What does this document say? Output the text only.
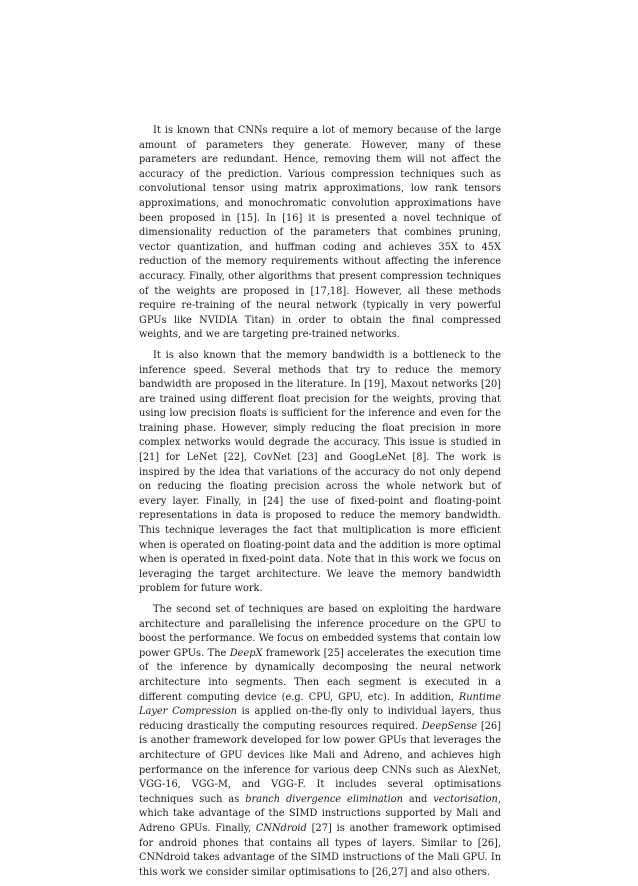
It is known that CNNs require a lot of memory because of the large amount of parameters they generate. However, many of these parameters are redundant. Hence, removing them will not affect the accuracy of the prediction. Various compression techniques such as convolutional tensor using matrix approximations, low rank tensors approximations, and monochromatic convolution approximations have been proposed in [15]. In [16] it is presented a novel technique of dimensionality reduction of the parameters that combines pruning, vector quantization, and huffman coding and achieves 35X to 45X reduction of the memory requirements without affecting the inference accuracy. Finally, other algorithms that present compression techniques of the weights are proposed in [17,18]. However, all these methods require re-training of the neural network (typically in very powerful GPUs like NVIDIA Titan) in order to obtain the final compressed weights, and we are targeting pre-trained networks.

It is also known that the memory bandwidth is a bottleneck to the inference speed. Several methods that try to reduce the memory bandwidth are proposed in the literature. In [19], Maxout networks [20] are trained using different float precision for the weights, proving that using low precision floats is sufficient for the inference and even for the training phase. However, simply reducing the float precision in more complex networks would degrade the accuracy. This issue is studied in [21] for LeNet [22], CovNet [23] and GoogLeNet [8]. The work is inspired by the idea that variations of the accuracy do not only depend on reducing the floating precision across the whole network but of every layer. Finally, in [24] the use of fixed-point and floating-point representations in data is proposed to reduce the memory bandwidth. This technique leverages the fact that multiplication is more efficient when is operated on floating-point data and the addition is more optimal when is operated in fixed-point data. Note that in this work we focus on leveraging the target architecture. We leave the memory bandwidth problem for future work.

The second set of techniques are based on exploiting the hardware architecture and parallelising the inference procedure on the GPU to boost the performance. We focus on embedded systems that contain low power GPUs. The DeepX framework [25] accelerates the execution time of the inference by dynamically decomposing the neural network architecture into segments. Then each segment is executed in a different computing device (e.g. CPU, GPU, etc). In addition, Runtime Layer Compression is applied on-the-fly only to individual layers, thus reducing drastically the computing resources required. DeepSense [26] is another framework developed for low power GPUs that leverages the architecture of GPU devices like Mali and Adreno, and achieves high performance on the inference for various deep CNNs such as AlexNet, VGG-16, VGG-M, and VGG-F. It includes several optimisations techniques such as branch divergence elimination and vectorisation, which take advantage of the SIMD instructions supported by Mali and Adreno GPUs. Finally, CNNdroid [27] is another framework optimised for android phones that contains all types of layers. Similar to [26], CNNdroid takes advantage of the SIMD instructions of the Mali GPU. In this work we consider similar optimisations to [26,27] and also others.
